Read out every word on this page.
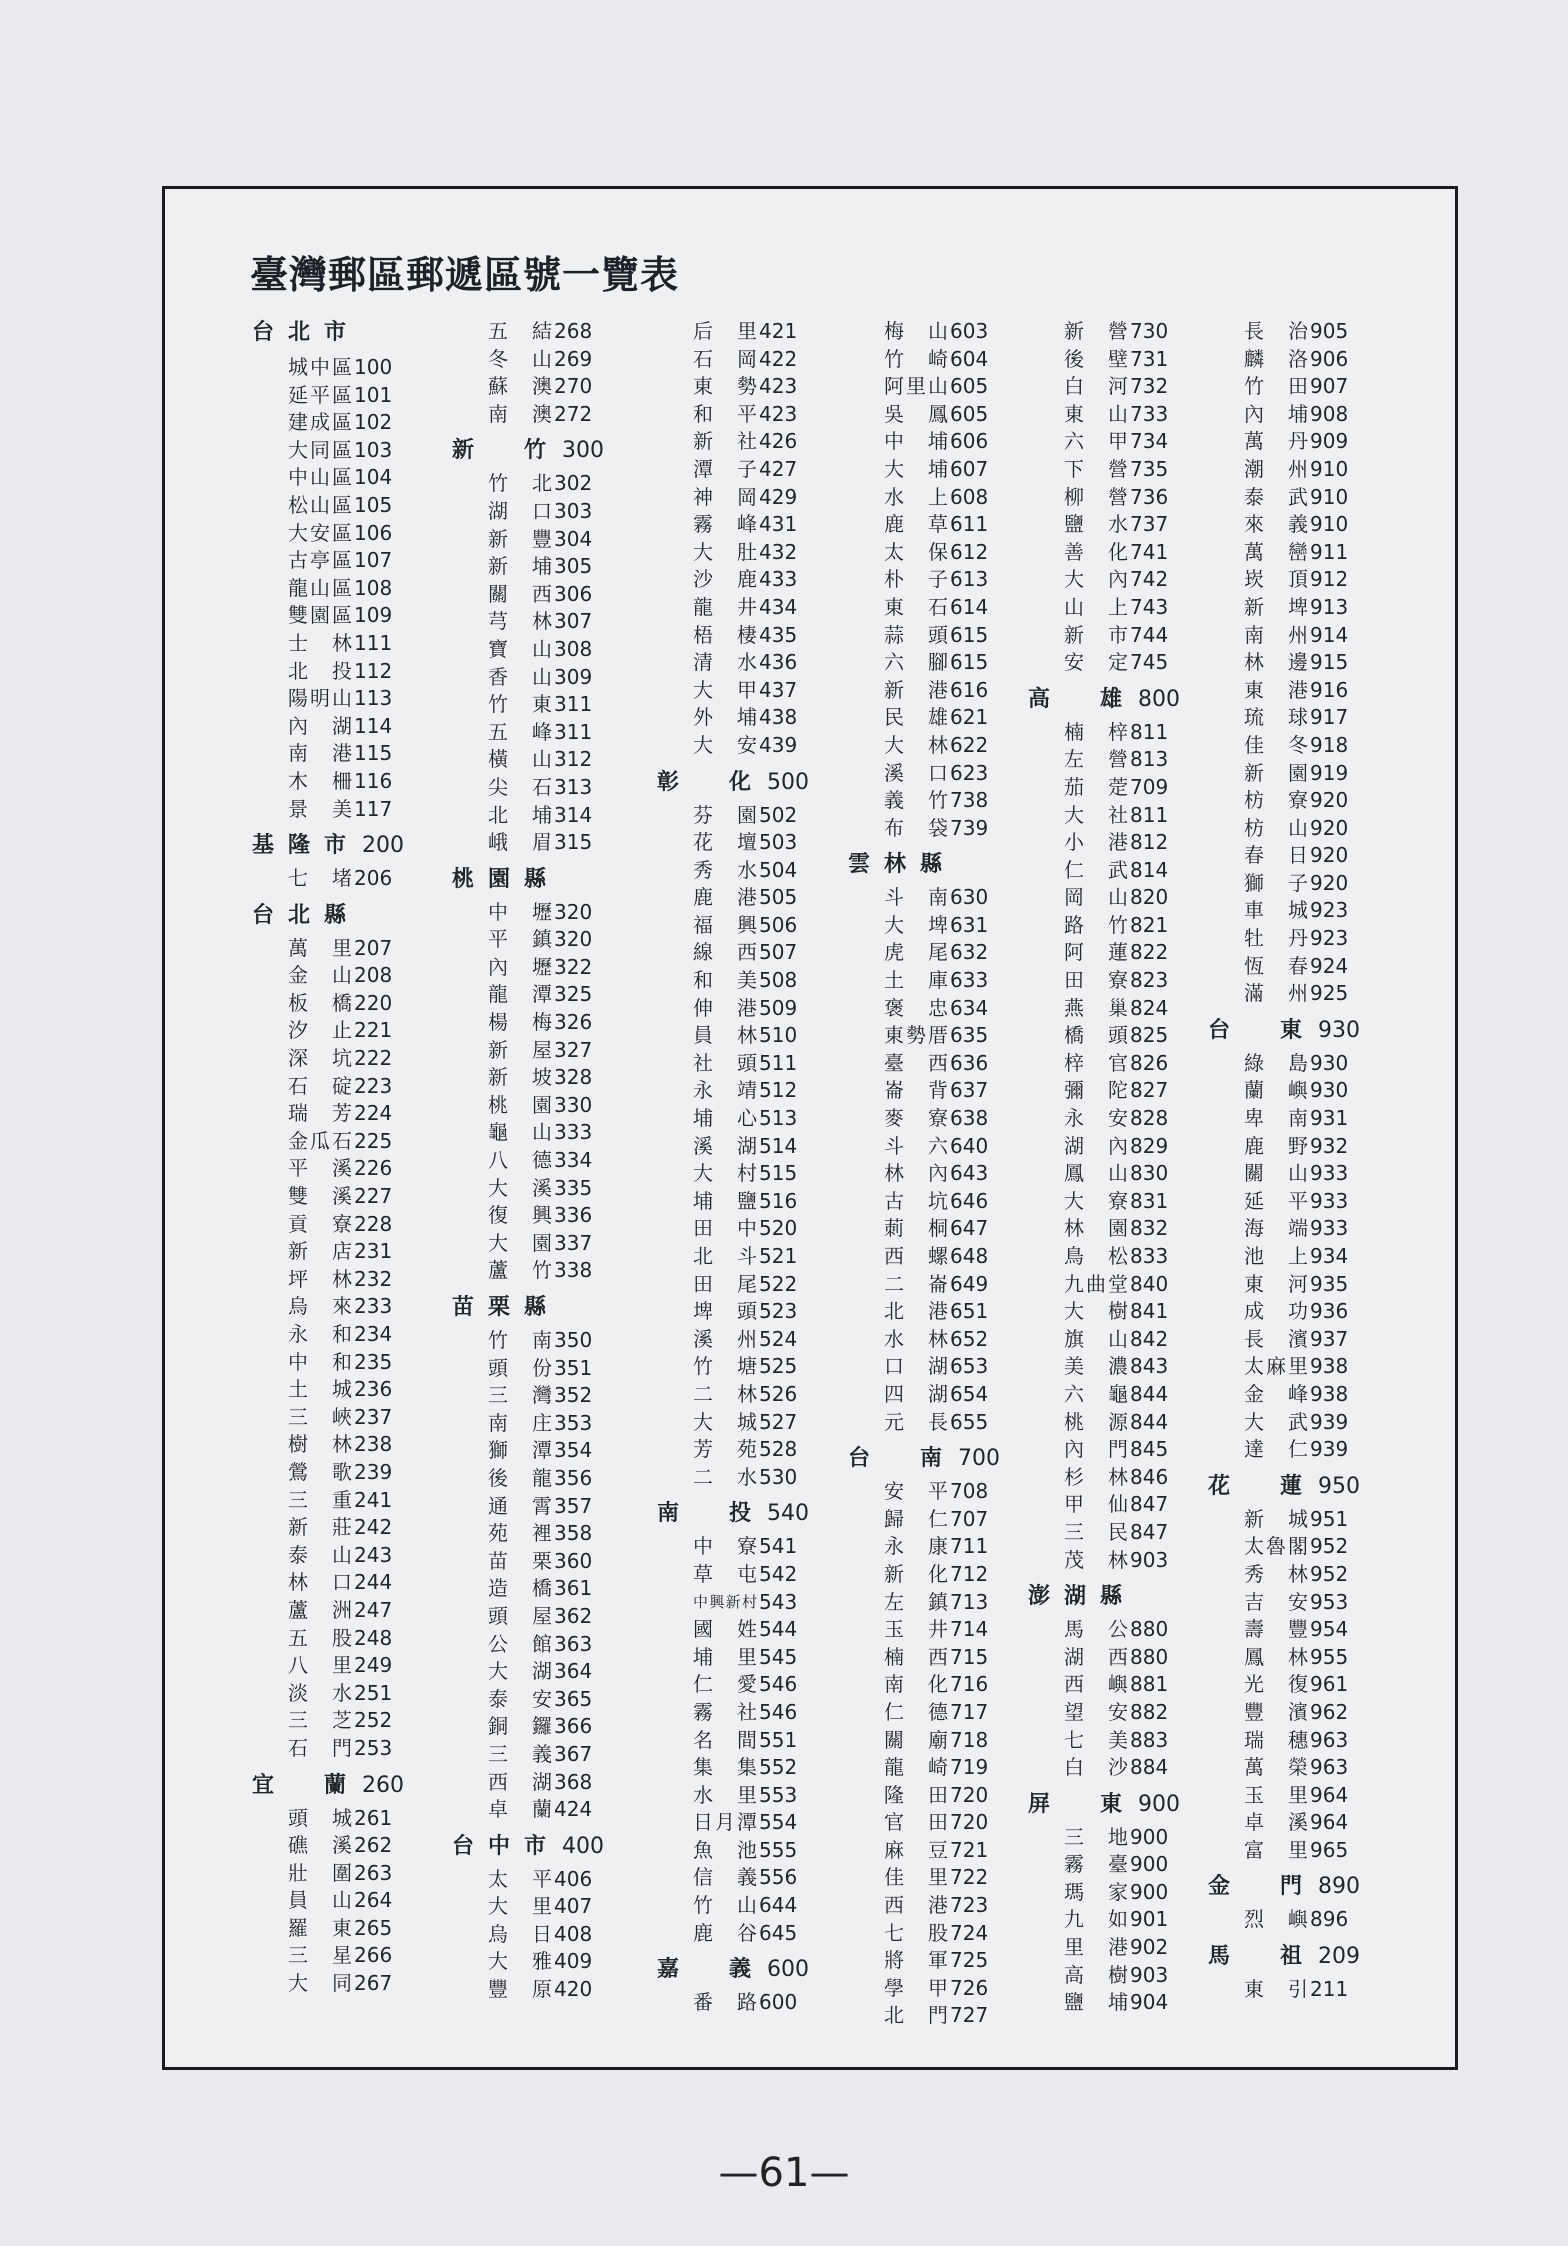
臺灣郵區郵遞區號一覽表
台北市
城中區 100
延平區 101
建成區 102
大同區 103
中山區 104
松山區 105
大安區 106
古亭區 107
龍山區 108
雙園區 109
士林 111
北投 112
陽明山 113
內湖 114
南港 115
木柵 116
景美 117
基隆市 200
七堵 206
台北縣
萬里 207
金山 208
板橋 220
汐止 221
深坑 222
石碇 223
瑞芳 224
金瓜石 225
平溪 226
雙溪 227
貢寮 228
新店 231
坪林 232
烏來 233
永和 234
中和 235
土城 236
三峽 237
樹林 238
鶯歌 239
三重 241
新莊 242
泰山 243
林口 244
蘆洲 247
五股 248
八里 249
淡水 251
三芝 252
石門 253
宜蘭 260
頭城 261
礁溪 262
壯圍 263
員山 264
羅東 265
三星 266
大同 267
五結 268
冬山 269
蘇澳 270
南澳 272
新竹 300
竹北 302
湖口 303
新豐 304
新埔 305
關西 306
芎林 307
寶山 308
香山 309
竹東 311
五峰 311
橫山 312
尖石 313
北埔 314
峨眉 315
桃園縣
中壢 320
平鎮 320
內壢 322
龍潭 325
楊梅 326
新屋 327
新坡 328
桃園 330
龜山 333
八德 334
大溪 335
復興 336
大園 337
蘆竹 338
苗栗縣
竹南 350
頭份 351
三灣 352
南庄 353
獅潭 354
後龍 356
通霄 357
苑裡 358
苗栗 360
造橋 361
頭屋 362
公館 363
大湖 364
泰安 365
銅鑼 366
三義 367
西湖 368
卓蘭 424
台中市 400
太平 406
大里 407
烏日 408
大雅 409
豐原 420
后里 421
石岡 422
東勢 423
和平 423
新社 426
潭子 427
神岡 429
霧峰 431
大肚 432
沙鹿 433
龍井 434
梧棲 435
清水 436
大甲 437
外埔 438
大安 439
彰化 500
芬園 502
花壇 503
秀水 504
鹿港 505
福興 506
線西 507
和美 508
伸港 509
員林 510
社頭 511
永靖 512
埔心 513
溪湖 514
大村 515
埔鹽 516
田中 520
北斗 521
田尾 522
埤頭 523
溪州 524
竹塘 525
二林 526
大城 527
芳苑 528
二水 530
南投 540
中寮 541
草屯 542
中興新村 543
國姓 544
埔里 545
仁愛 546
霧社 546
名間 551
集集 552
水里 553
日月潭 554
魚池 555
信義 556
竹山 644
鹿谷 645
嘉義 600
番路 600
梅山 603
竹崎 604
阿里山 605
吳鳳 605
中埔 606
大埔 607
水上 608
鹿草 611
太保 612
朴子 613
東石 614
蒜頭 615
六腳 615
新港 616
民雄 621
大林 622
溪口 623
義竹 738
布袋 739
雲林縣
斗南 630
大埤 631
虎尾 632
土庫 633
褒忠 634
東勢厝 635
臺西 636
崙背 637
麥寮 638
斗六 640
林內 643
古坑 646
莿桐 647
西螺 648
二崙 649
北港 651
水林 652
口湖 653
四湖 654
元長 655
台南 700
安平 708
歸仁 707
永康 711
新化 712
左鎮 713
玉井 714
楠西 715
南化 716
仁德 717
關廟 718
龍崎 719
隆田 720
官田 720
麻豆 721
佳里 722
西港 723
七股 724
將軍 725
學甲 726
北門 727
新營 730
後壁 731
白河 732
東山 733
六甲 734
下營 735
柳營 736
鹽水 737
善化 741
大內 742
山上 743
新市 744
安定 745
高雄 800
楠梓 811
左營 813
茄萣 709
大社 811
小港 812
仁武 814
岡山 820
路竹 821
阿蓮 822
田寮 823
燕巢 824
橋頭 825
梓官 826
彌陀 827
永安 828
湖內 829
鳳山 830
大寮 831
林園 832
鳥松 833
九曲堂 840
大樹 841
旗山 842
美濃 843
六龜 844
桃源 844
內門 845
杉林 846
甲仙 847
三民 847
茂林 903
澎湖縣
馬公 880
湖西 880
西嶼 881
望安 882
七美 883
白沙 884
屏東 900
三地 900
霧臺 900
瑪家 900
九如 901
里港 902
高樹 903
鹽埔 904
長治 905
麟洛 906
竹田 907
內埔 908
萬丹 909
潮州 910
泰武 910
來義 910
萬巒 911
崁頂 912
新埤 913
南州 914
林邊 915
東港 916
琉球 917
佳冬 918
新園 919
枋寮 920
枋山 920
春日 920
獅子 920
車城 923
牡丹 923
恆春 924
滿州 925
台東 930
綠島 930
蘭嶼 930
卑南 931
鹿野 932
關山 933
延平 933
海端 933
池上 934
東河 935
成功 936
長濱 937
太麻里 938
金峰 938
大武 939
達仁 939
花蓮 950
新城 951
太魯閣 952
秀林 952
吉安 953
壽豐 954
鳳林 955
光復 961
豐濱 962
瑞穗 963
萬榮 963
玉里 964
卓溪 964
富里 965
金門 890
烈嶼 896
馬祖 209
東引 211
—61—
